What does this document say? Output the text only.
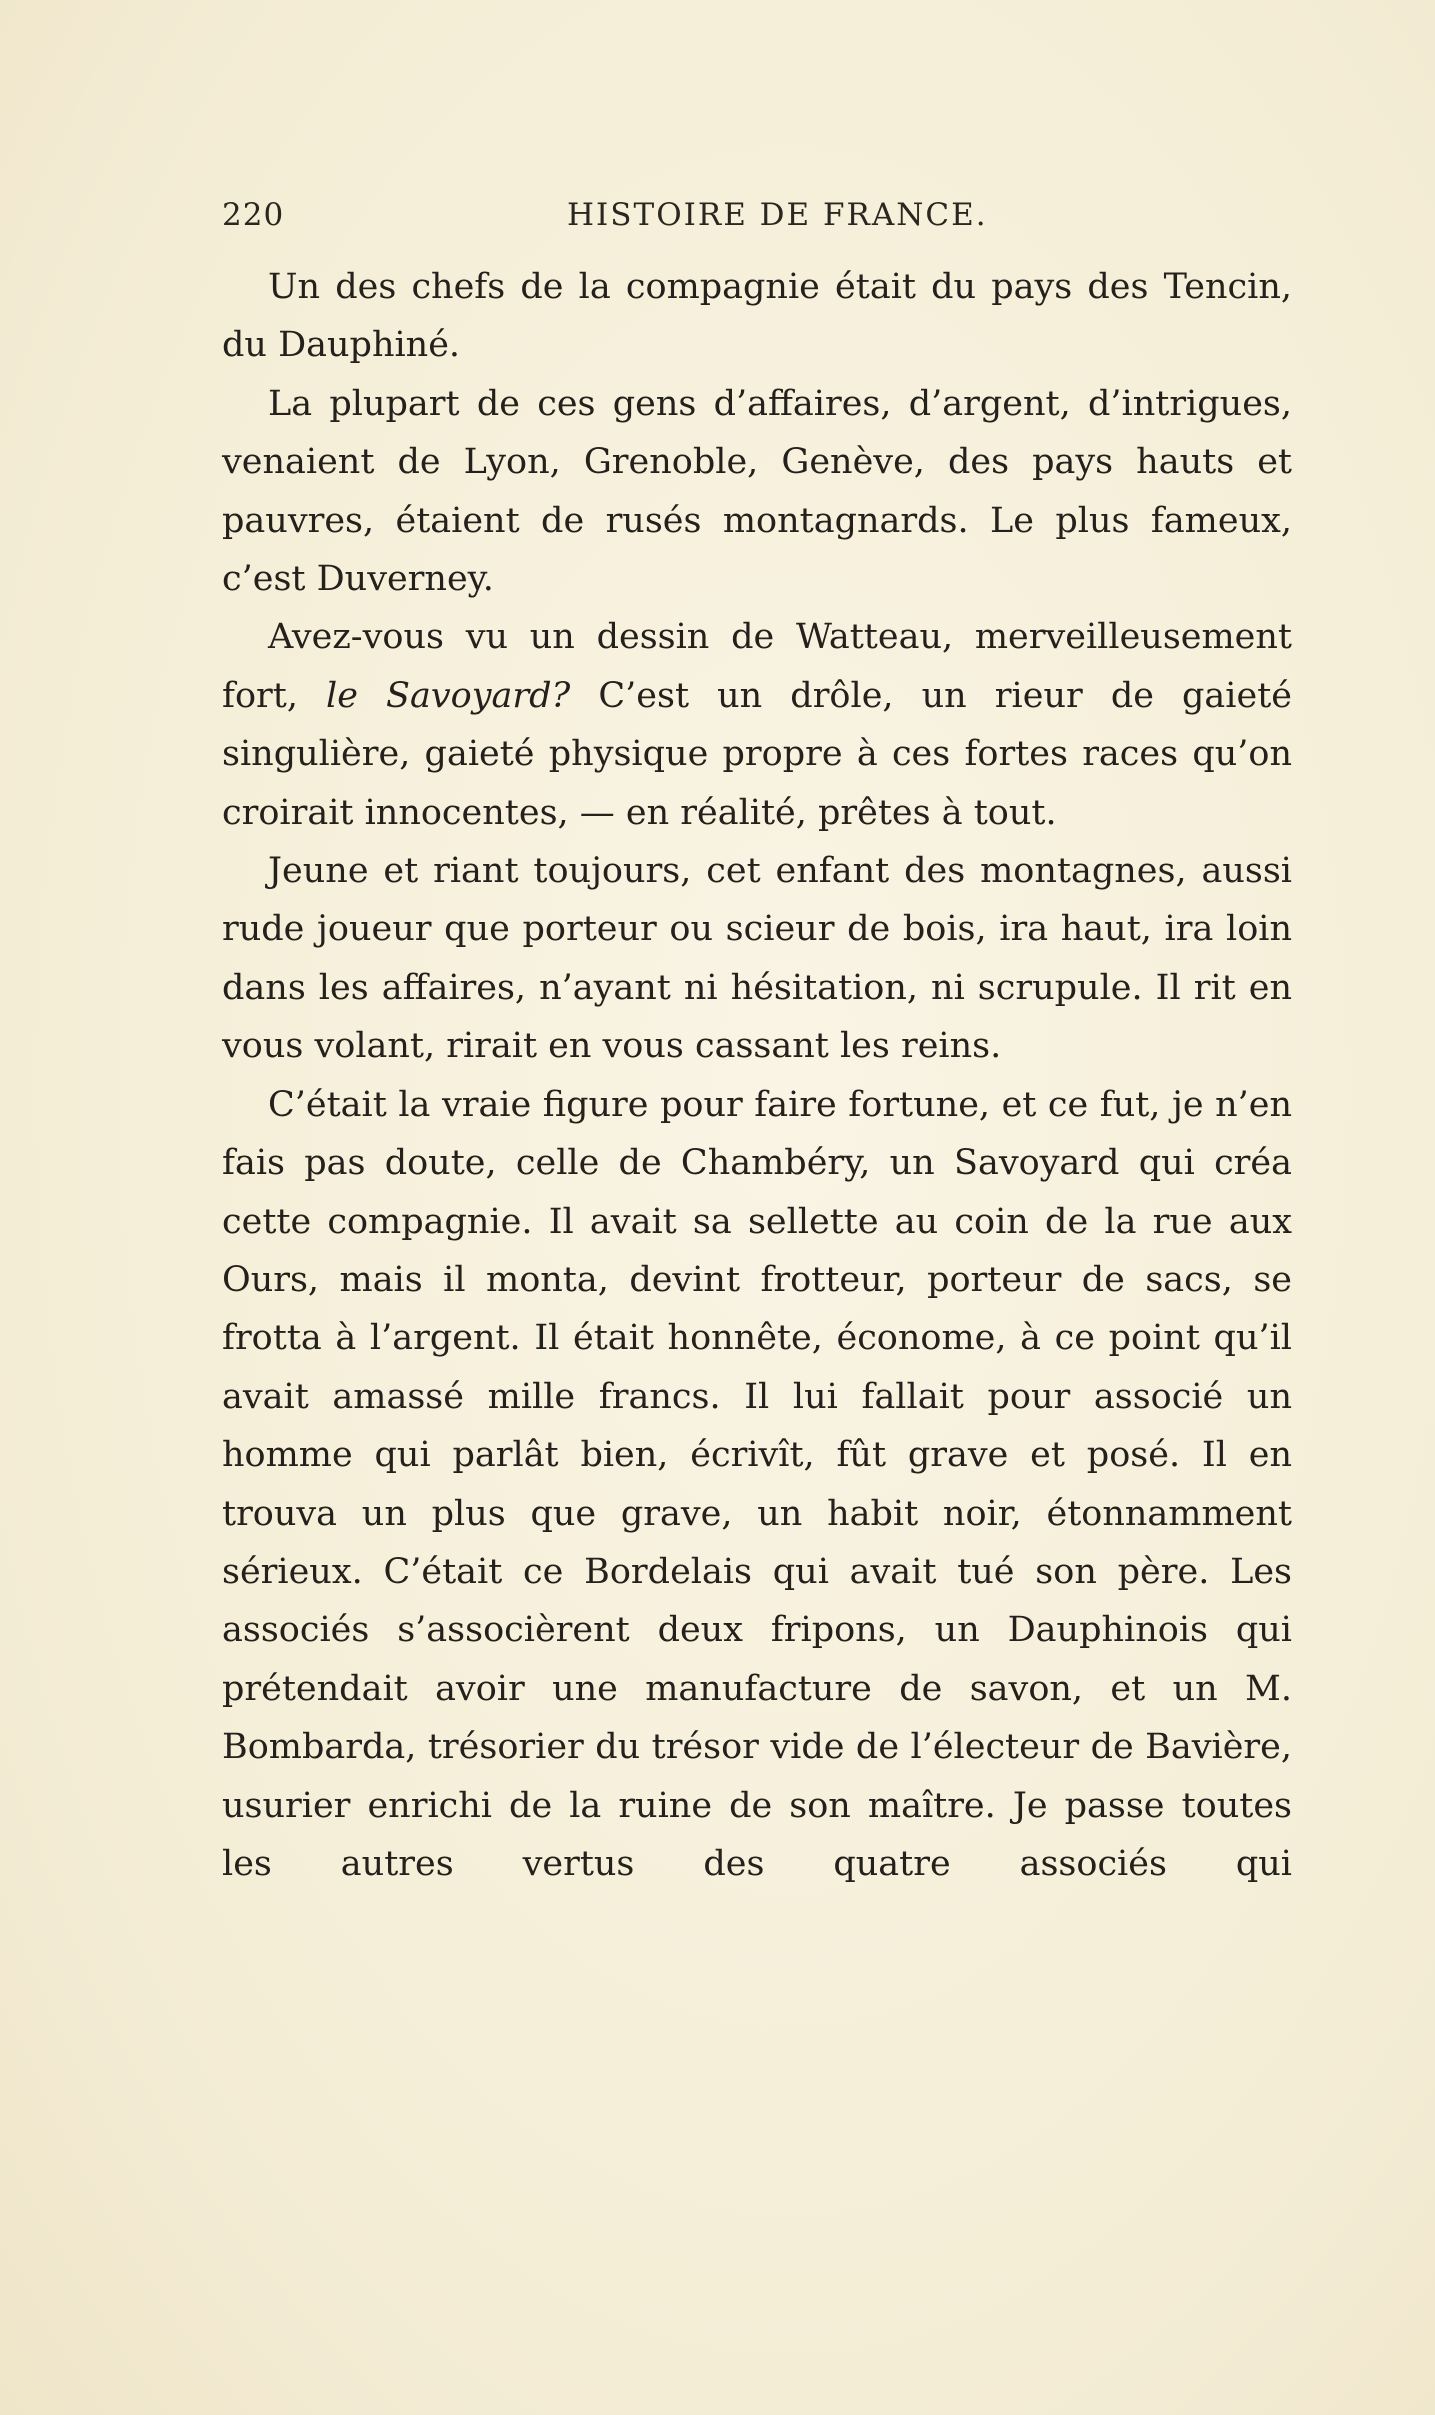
220	HISTOIRE DE FRANCE.

Un des chefs de la compagnie était du pays des Tencin, du Dauphiné.

La plupart de ces gens d’affaires, d’argent, d’intrigues, venaient de Lyon, Grenoble, Genève, des pays hauts et pauvres, étaient de rusés montagnards. Le plus fameux, c’est Duverney.

Avez-vous vu un dessin de Watteau, merveilleusement fort, le Savoyard? C’est un drôle, un rieur de gaieté singulière, gaieté physique propre à ces fortes races qu’on croirait innocentes, — en réalité, prêtes à tout.

Jeune et riant toujours, cet enfant des montagnes, aussi rude joueur que porteur ou scieur de bois, ira haut, ira loin dans les affaires, n’ayant ni hésitation, ni scrupule. Il rit en vous volant, rirait en vous cassant les reins.

C’était la vraie figure pour faire fortune, et ce fut, je n’en fais pas doute, celle de Chambéry, un Savoyard qui créa cette compagnie. Il avait sa sellette au coin de la rue aux Ours, mais il monta, devint frotteur, porteur de sacs, se frotta à l’argent. Il était honnête, économe, à ce point qu’il avait amassé mille francs. Il lui fallait pour associé un homme qui parlât bien, écrivît, fût grave et posé. Il en trouva un plus que grave, un habit noir, étonnamment sérieux. C’était ce Bordelais qui avait tué son père. Les associés s’associèrent deux fripons, un Dauphinois qui prétendait avoir une manufacture de savon, et un M. Bombarda, trésorier du trésor vide de l’électeur de Bavière, usurier enrichi de la ruine de son maître. Je passe toutes les autres vertus des quatre associés qui
